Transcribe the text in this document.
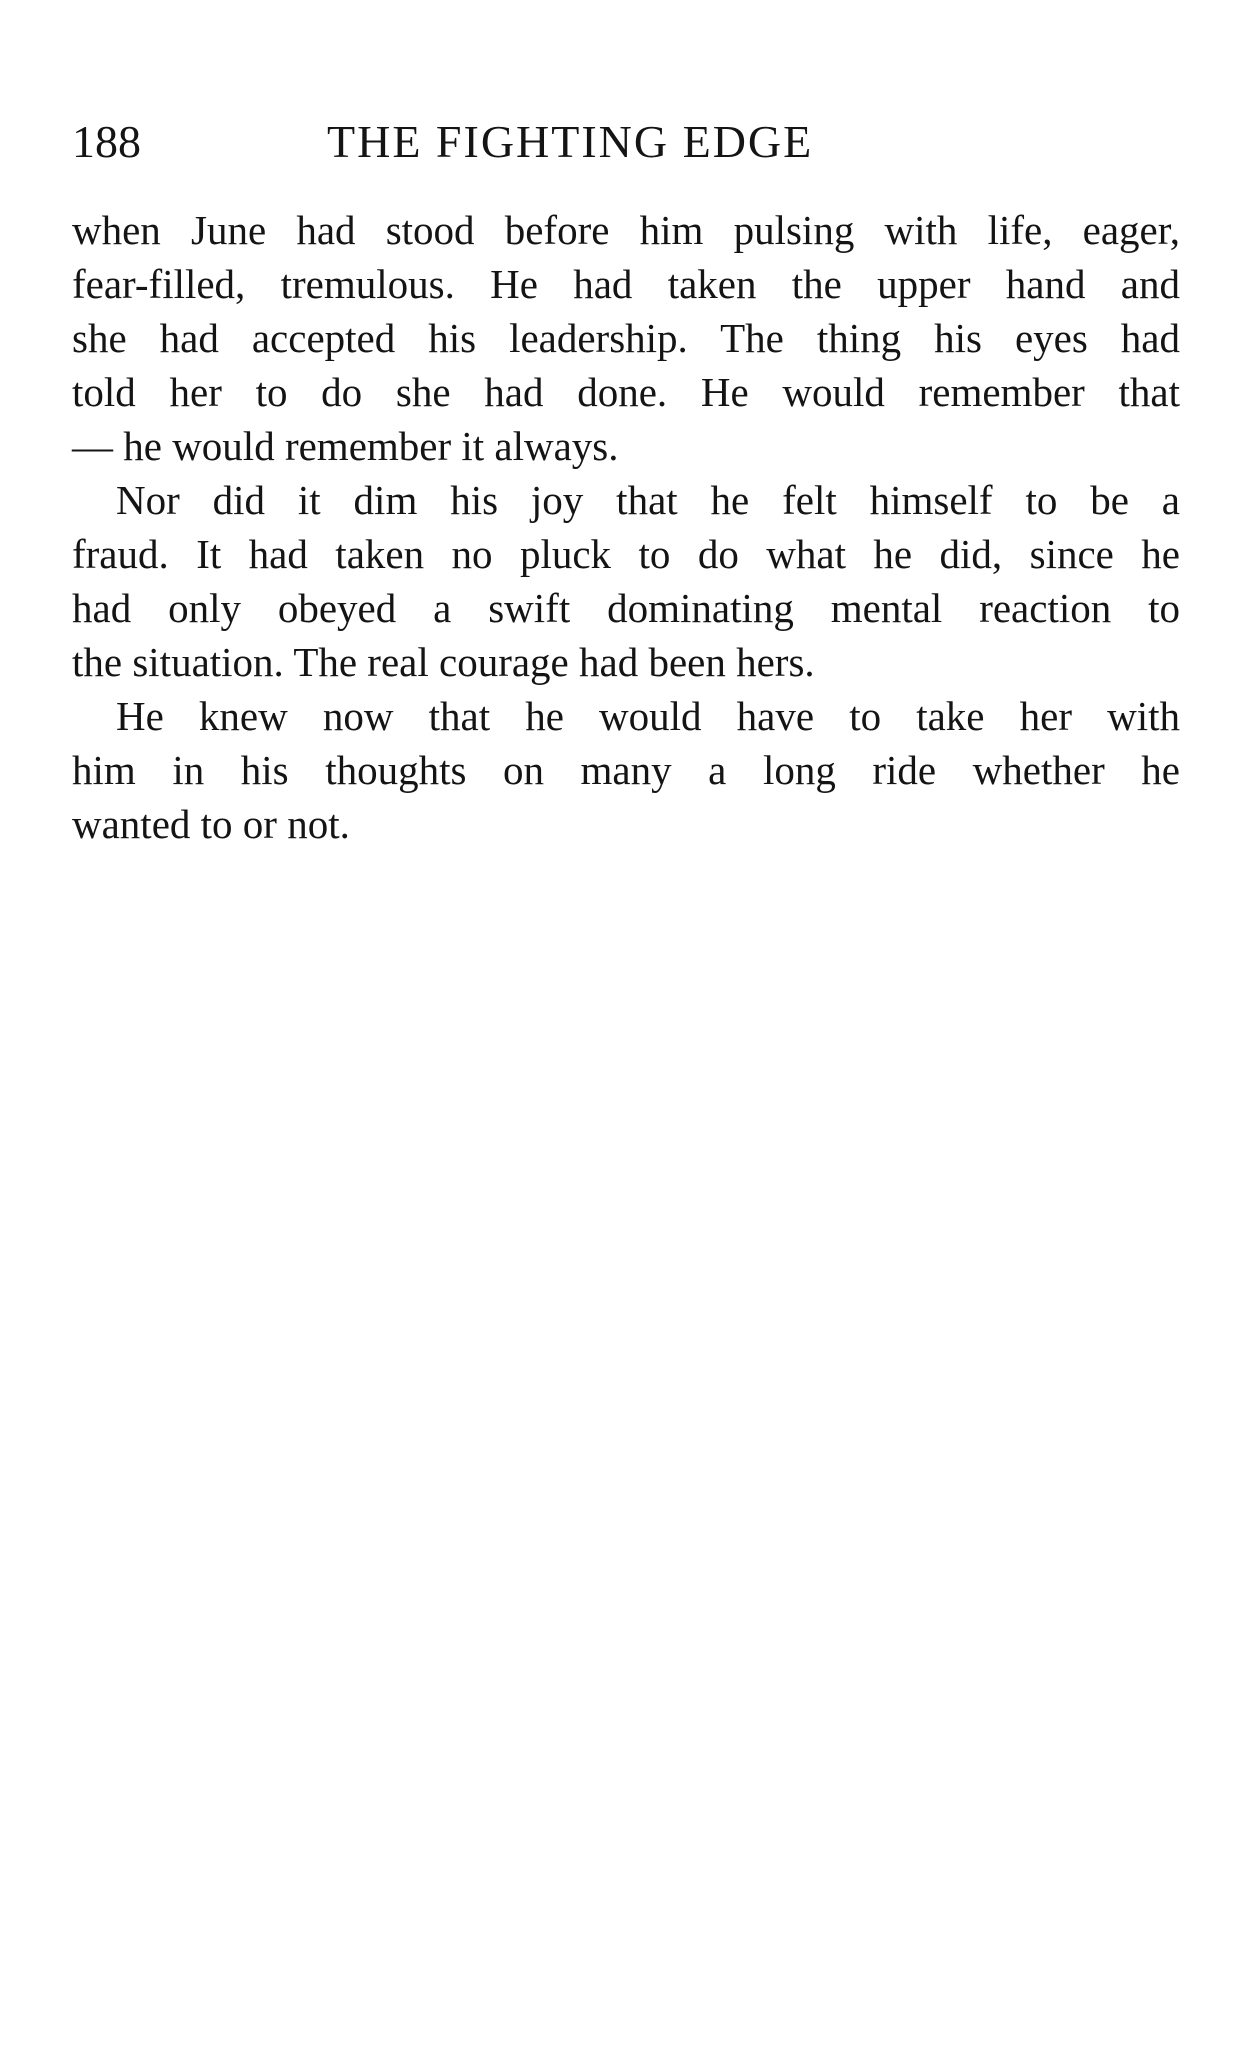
188	THE FIGHTING EDGE
when June had stood before him pulsing with life, eager,
fear-filled, tremulous. He had taken the upper hand and
she had accepted his leadership. The thing his eyes had
told her to do she had done. He would remember that
— he would remember it always.
Nor did it dim his joy that he felt himself to be a
fraud. It had taken no pluck to do what he did, since he
had only obeyed a swift dominating mental reaction to
the situation. The real courage had been hers.
He knew now that he would have to take her with
him in his thoughts on many a long ride whether he
wanted to or not.
